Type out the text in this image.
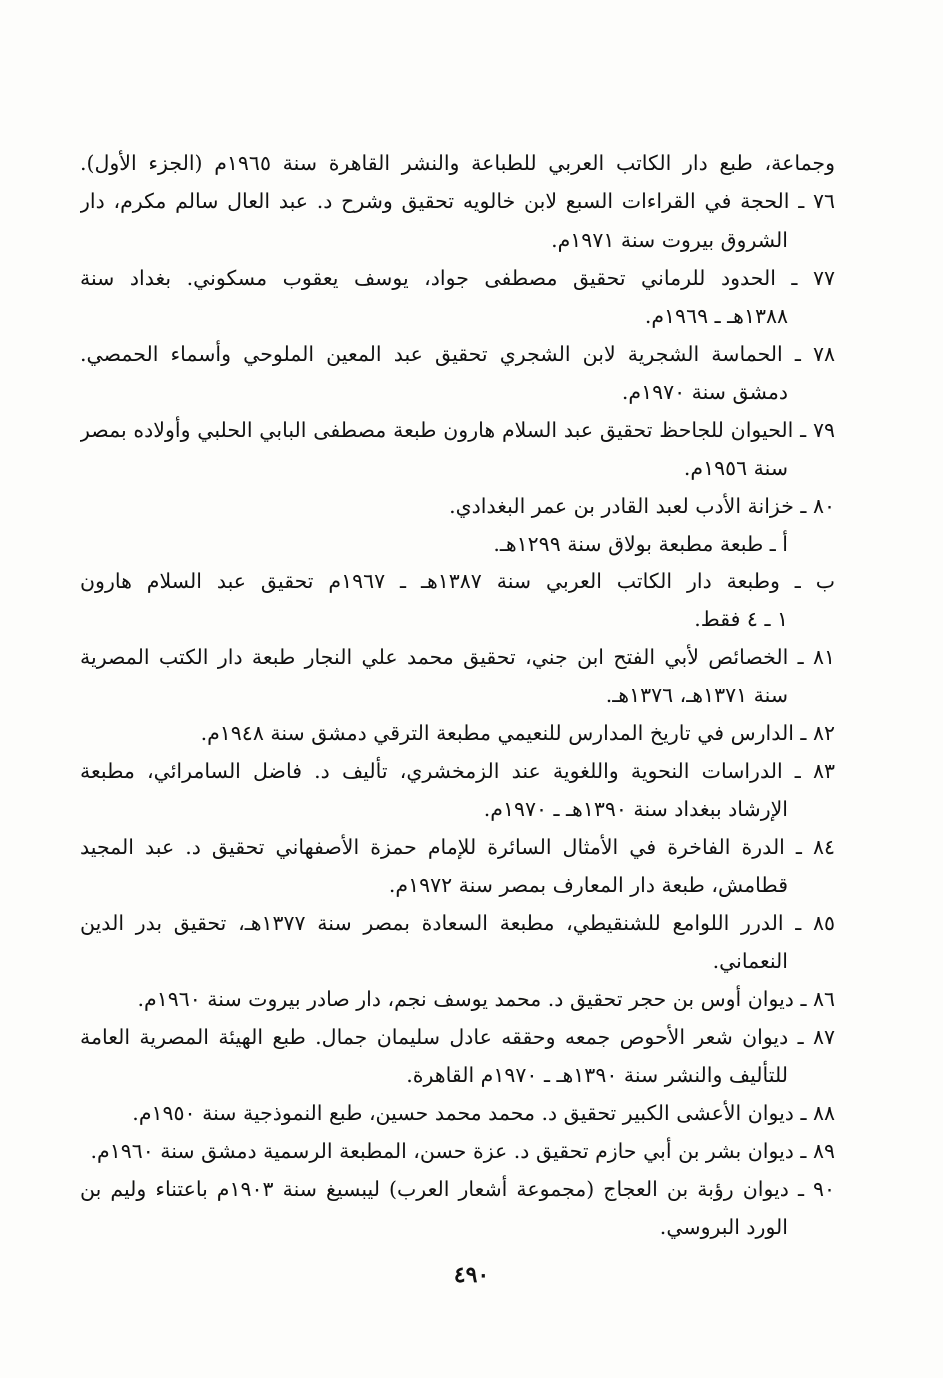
وجماعة، طبع دار الكاتب العربي للطباعة والنشر القاهرة سنة ١٩٦٥م (الجزء الأول).
٧٦ ـ الحجة في القراءات السبع لابن خالويه تحقيق وشرح د. عبد العال سالم مكرم، دار
الشروق بيروت سنة ١٩٧١م.
٧٧ ـ الحدود للرماني تحقيق مصطفى جواد، يوسف يعقوب مسكوني. بغداد سنة
١٣٨٨هـ ـ ١٩٦٩م.
٧٨ ـ الحماسة الشجرية لابن الشجري تحقيق عبد المعين الملوحي وأسماء الحمصي.
دمشق سنة ١٩٧٠م.
٧٩ ـ الحيوان للجاحظ تحقيق عبد السلام هارون طبعة مصطفى البابي الحلبي وأولاده بمصر
سنة ١٩٥٦م.
٨٠ ـ خزانة الأدب لعبد القادر بن عمر البغدادي.
أ ـ طبعة مطبعة بولاق سنة ١٢٩٩هـ.
ب ـ وطبعة دار الكاتب العربي سنة ١٣٨٧هـ ـ ١٩٦٧م تحقيق عبد السلام هارون
١ ـ ٤ فقط.
٨١ ـ الخصائص لأبي الفتح ابن جني، تحقيق محمد علي النجار طبعة دار الكتب المصرية
سنة ١٣٧١هـ، ١٣٧٦هـ.
٨٢ ـ الدارس في تاريخ المدارس للنعيمي مطبعة الترقي دمشق سنة ١٩٤٨م.
٨٣ ـ الدراسات النحوية واللغوية عند الزمخشري، تأليف د. فاضل السامرائي، مطبعة
الإرشاد ببغداد سنة ١٣٩٠هـ ـ ١٩٧٠م.
٨٤ ـ الدرة الفاخرة في الأمثال السائرة للإمام حمزة الأصفهاني تحقيق د. عبد المجيد
قطامش، طبعة دار المعارف بمصر سنة ١٩٧٢م.
٨٥ ـ الدرر اللوامع للشنقيطي، مطبعة السعادة بمصر سنة ١٣٧٧هـ، تحقيق بدر الدين
النعماني.
٨٦ ـ ديوان أوس بن حجر تحقيق د. محمد يوسف نجم، دار صادر بيروت سنة ١٩٦٠م.
٨٧ ـ ديوان شعر الأحوص جمعه وحققه عادل سليمان جمال. طبع الهيئة المصرية العامة
للتأليف والنشر سنة ١٣٩٠هـ ـ ١٩٧٠م القاهرة.
٨٨ ـ ديوان الأعشى الكبير تحقيق د. محمد محمد حسين، طبع النموذجية سنة ١٩٥٠م.
٨٩ ـ ديوان بشر بن أبي حازم تحقيق د. عزة حسن، المطبعة الرسمية دمشق سنة ١٩٦٠م.
٩٠ ـ ديوان رؤبة بن العجاج (مجموعة أشعار العرب) ليبسيغ سنة ١٩٠٣م باعتناء وليم بن
الورد البروسي.
٤٩٠
